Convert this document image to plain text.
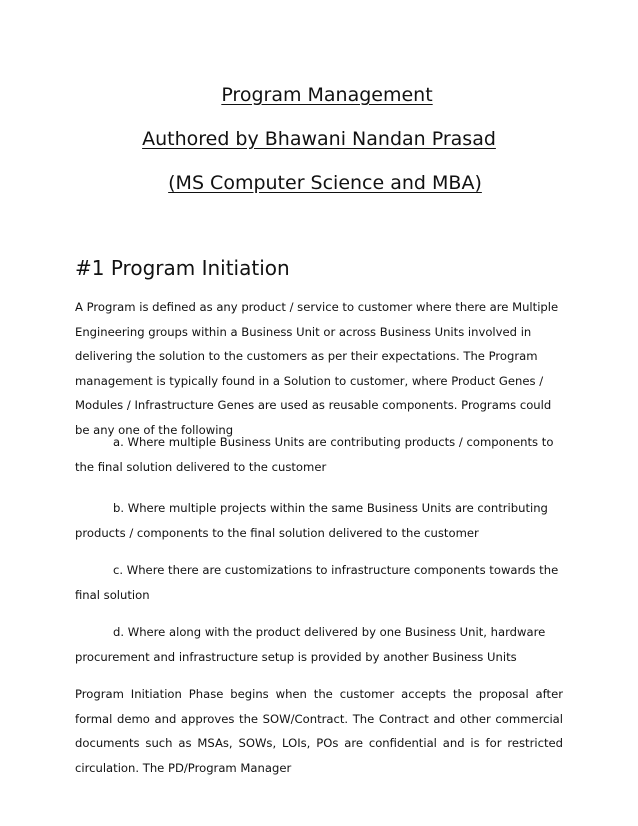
Program Management
Authored by Bhawani Nandan Prasad
(MS Computer Science and MBA)
#1 Program Initiation

A Program is defined as any product / service to customer where there are Multiple Engineering groups within a Business Unit or across Business Units involved in delivering the solution to the customers as per their expectations. The Program management is typically found in a Solution to customer, where Product Genes / Modules / Infrastructure Genes are used as reusable components. Programs could be any one of the following

a. Where multiple Business Units are contributing products / components to the final solution delivered to the customer

b. Where multiple projects within the same Business Units are contributing products / components to the final solution delivered to the customer

c. Where there are customizations to infrastructure components towards the final solution

d. Where along with the product delivered by one Business Unit, hardware procurement and infrastructure setup is provided by another Business Units

Program Initiation Phase begins when the customer accepts the proposal after formal demo and approves the SOW/Contract. The Contract and other commercial documents such as MSAs, SOWs, LOIs, POs are confidential and is for restricted circulation. The PD/Program Manager
